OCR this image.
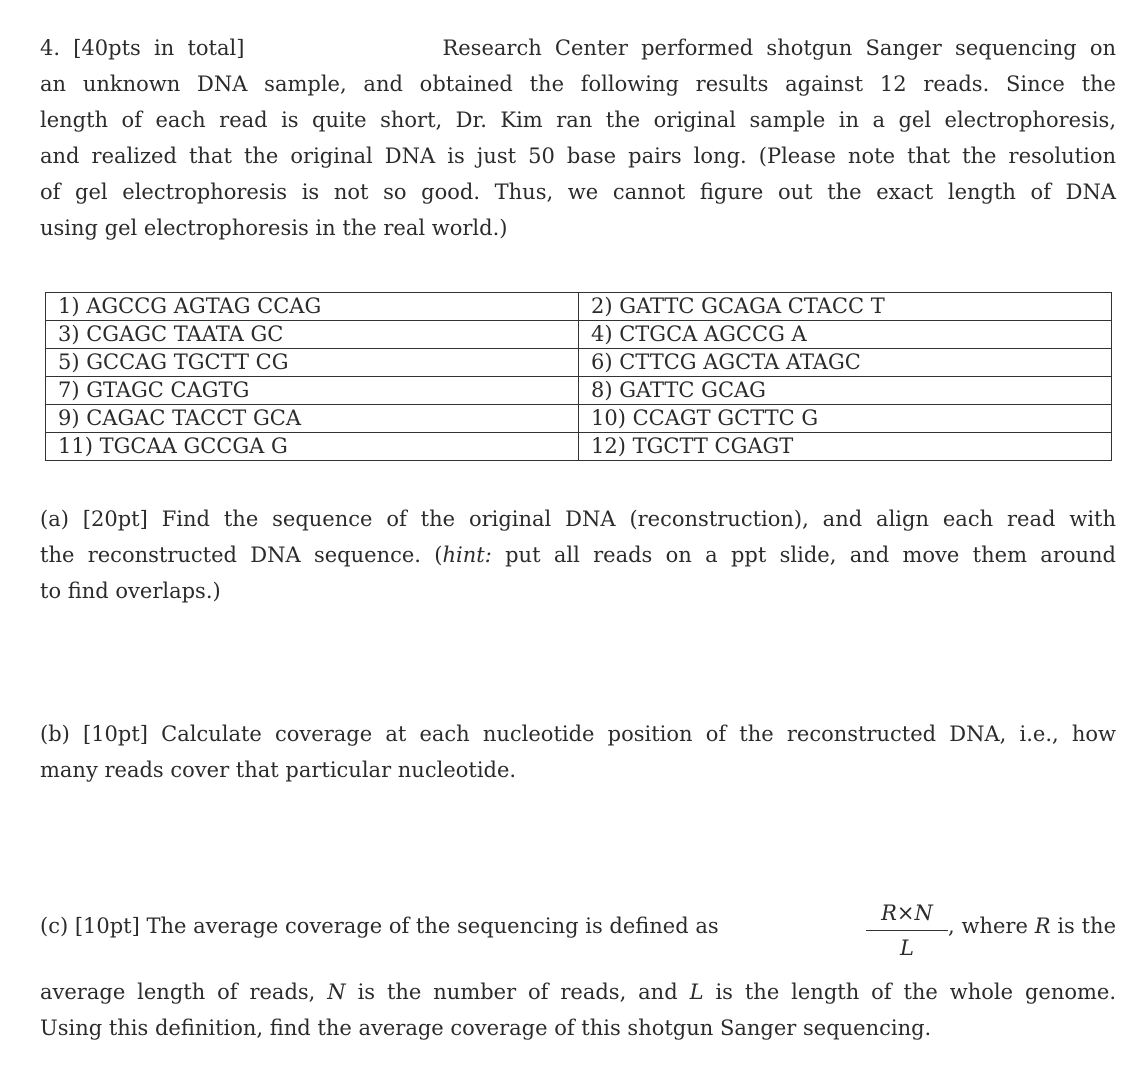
4. [40pts in total]	Research Center performed shotgun Sanger sequencing on
an unknown DNA sample, and obtained the following results against 12 reads. Since the
length of each read is quite short, Dr. Kim ran the original sample in a gel electrophoresis,
and realized that the original DNA is just 50 base pairs long. (Please note that the resolution
of gel electrophoresis is not so good. Thus, we cannot figure out the exact length of DNA
using gel electrophoresis in the real world.)
1) AGCCG AGTAG CCAG	2) GATTC GCAGA CTACC T
3) CGAGC TAATA GC	4) CTGCA AGCCG A
5) GCCAG TGCTT CG	6) CTTCG AGCTA ATAGC
7) GTAGC CAGTG	8) GATTC GCAG
9) CAGAC TACCT GCA	10) CCAGT GCTTC G
11) TGCAA GCCGA G	12) TGCTT CGAGT
(a) [20pt] Find the sequence of the original DNA (reconstruction), and align each read with
the reconstructed DNA sequence. (hint: put all reads on a ppt slide, and move them around
to find overlaps.)
(b) [10pt] Calculate coverage at each nucleotide position of the reconstructed DNA, i.e., how
many reads cover that particular nucleotide.
(c) [10pt] The average coverage of the sequencing is defined as	$\frac{R\times N}{L}$ , where R is the
average length of reads, N is the number of reads, and L is the length of the whole genome.
Using this definition, find the average coverage of this shotgun Sanger sequencing.
